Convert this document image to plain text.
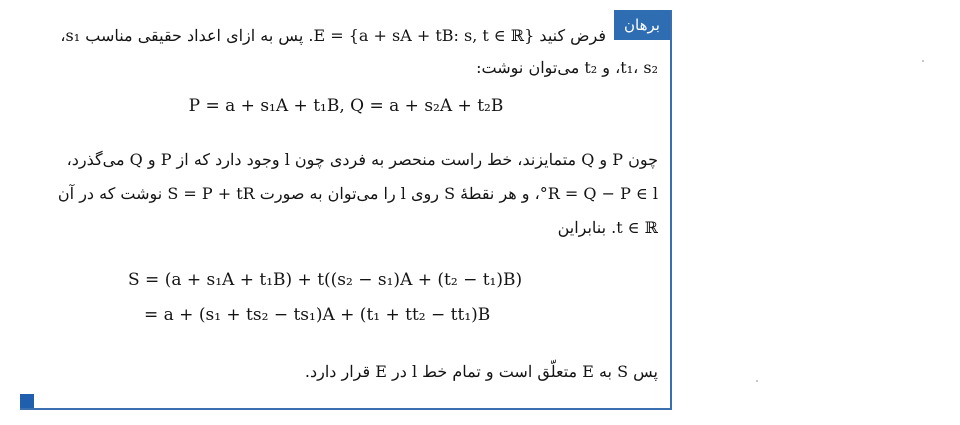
برهان
فرض کنید E = {a + sA + tB: s, t ∈ ℝ}. پس به ازای اعداد حقیقی مناسب s₁،
t₁، s₂، و t₂ می‌توان نوشت:
P = a + s₁A + t₁B, Q = a + s₂A + t₂B
چون P و Q متمایزند، خط راست منحصر به فردی چون l وجود دارد که از P و Q می‌گذرد،
R = Q − P ∈ l°، و هر نقطهٔ S روی l را می‌توان به صورت S = P + tR نوشت که در آن
t ∈ ℝ. بنابراین
S = (a + s₁A + t₁B) + t((s₂ − s₁)A + (t₂ − t₁)B)
= a + (s₁ + ts₂ − ts₁)A + (t₁ + tt₂ − tt₁)B
پس S به E متعلّق است و تمام خط l در E قرار دارد.
